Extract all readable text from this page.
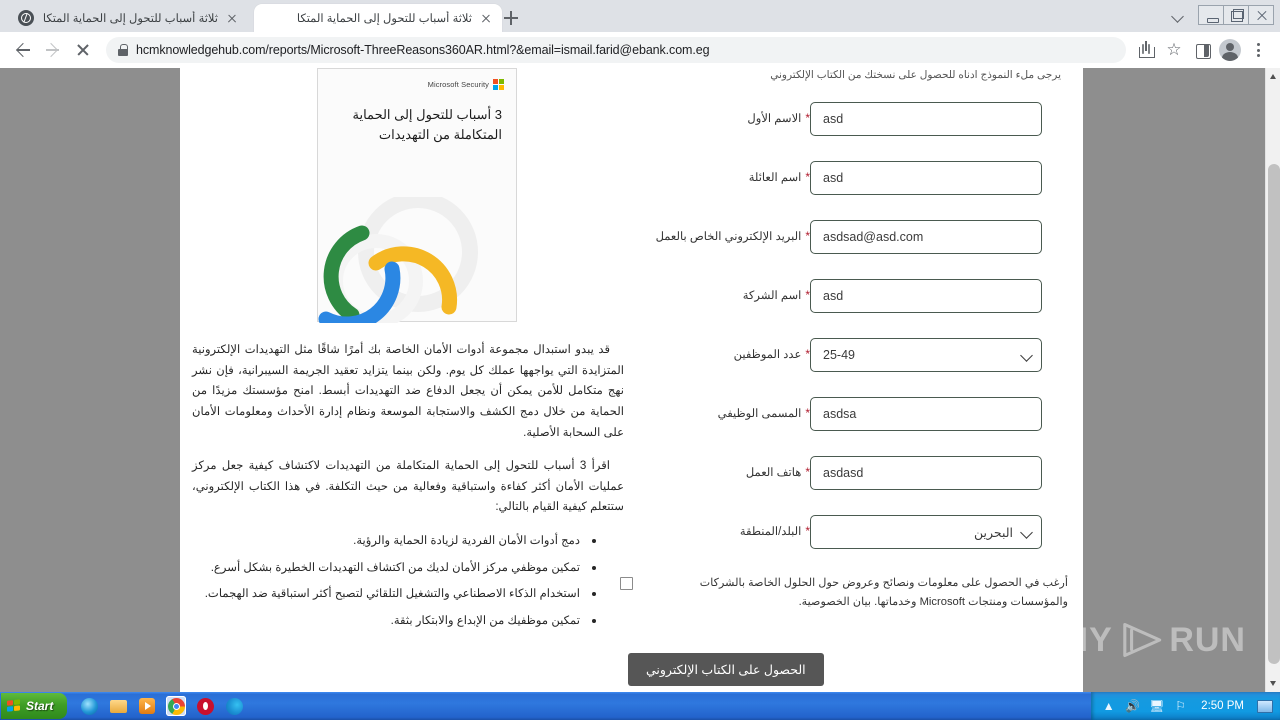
ثلاثة أسباب للتحول إلى الحماية المتكا	ثلاثة أسباب للتحول إلى الحماية المتكا
hcmknowledgehub.com/reports/Microsoft-ThreeReasons360AR.html?&email=ismail.farid@ebank.com.eg	☆
يرجى ملء النموذج أدناه للحصول على نسختك من الكتاب الإلكتروني
Microsoft Security
3 أسباب للتحول إلى الحماية المتكاملة من التهديدات

قد يبدو استبدال مجموعة أدوات الأمان الخاصة بك أمرًا شاقًا مثل التهديدات الإلكترونية المتزايدة التي يواجهها عملك كل يوم. ولكن بينما يتزايد تعقيد الجريمة السيبرانية، فإن نشر نهج متكامل للأمن يمكن أن يجعل الدفاع ضد التهديدات أبسط. امنح مؤسستك مزيدًا من الحماية من خلال دمج الكشف والاستجابة الموسعة ونظام إدارة الأحداث ومعلومات الأمان على السحابة الأصلية.

اقرأ 3 أسباب للتحول إلى الحماية المتكاملة من التهديدات لاكتشاف كيفية جعل مركز عمليات الأمان أكثر كفاءة واستباقية وفعالية من حيث التكلفة. في هذا الكتاب الإلكتروني، ستتعلم كيفية القيام بالتالي:

دمج أدوات الأمان الفردية لزيادة الحماية والرؤية.
تمكين موظفي مركز الأمان لديك من اكتشاف التهديدات الخطيرة بشكل أسرع.
استخدام الذكاء الاصطناعي والتشغيل التلقائي لتصبح أكثر استباقية ضد الهجمات.
تمكين موظفيك من الإبداع والابتكار بثقة.
*
الاسم الأول	asd
*
اسم العائلة	asd
*
البريد الإلكتروني الخاص بالعمل	asdsad@asd.com
*
اسم الشركة	asd
*
عدد الموظفين 25-49
*
المسمى الوظيفي	asdsa
*
هاتف العمل	asdasd
*
البلد/المنطقة	البحرين
أرغب في الحصول على معلومات ونصائح وعروض حول الحلول الخاصة بالشركات والمؤسسات ومنتجات Microsoft وخدماتها. بيان الخصوصية.
الحصول على الكتاب الإلكتروني
ANY RUN
Start	▲ 🔊 🖥 ⚐	2:50 PM
